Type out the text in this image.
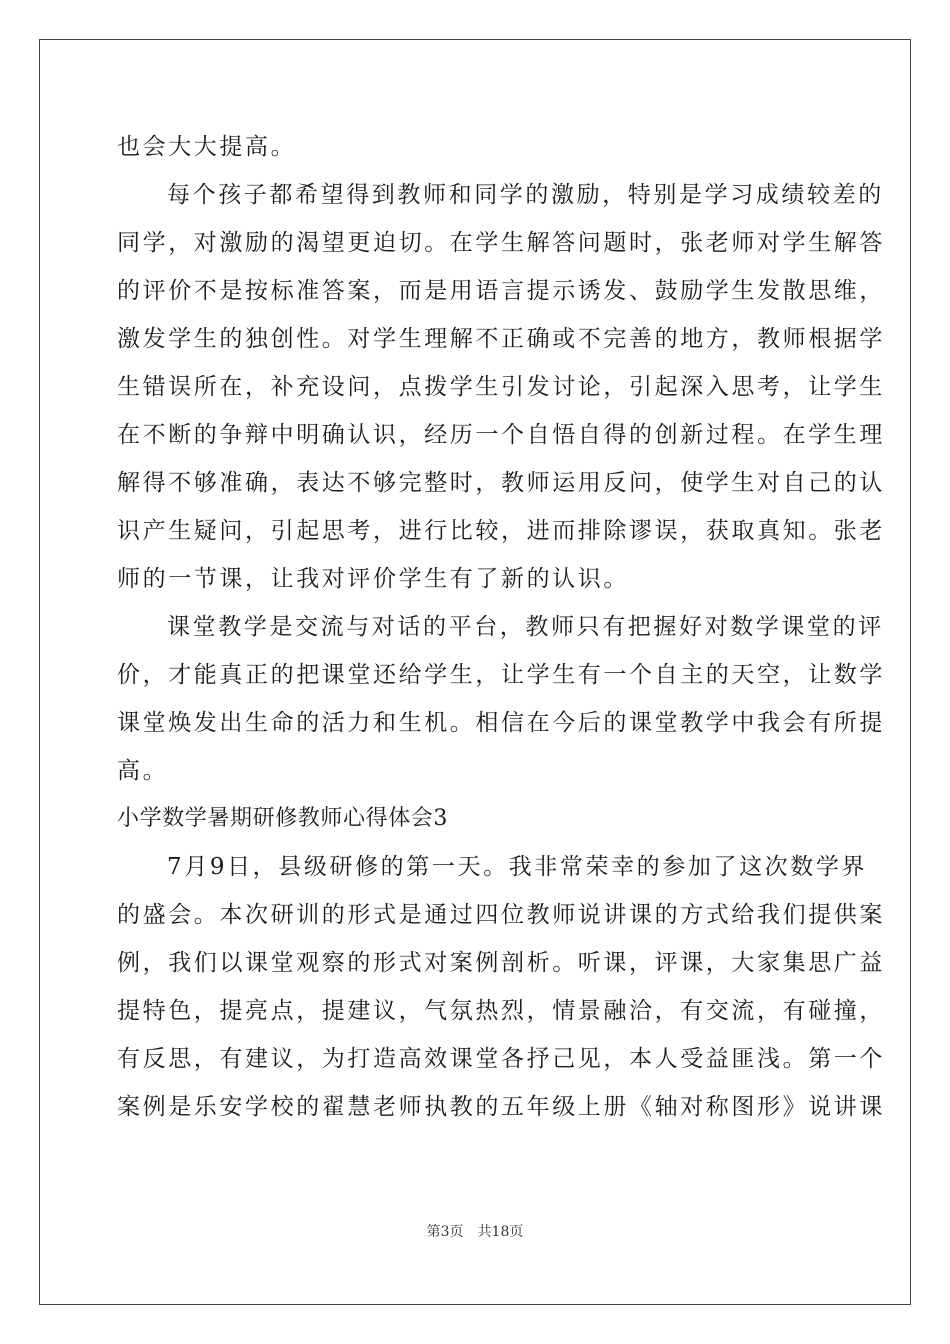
也会大大提高。
每个孩子都希望得到教师和同学的激励，特别是学习成绩较差的
同学，对激励的渴望更迫切。在学生解答问题时，张老师对学生解答
的评价不是按标准答案，而是用语言提示诱发、鼓励学生发散思维，
激发学生的独创性。对学生理解不正确或不完善的地方，教师根据学
生错误所在，补充设问，点拨学生引发讨论，引起深入思考，让学生
在不断的争辩中明确认识，经历一个自悟自得的创新过程。在学生理
解得不够准确，表达不够完整时，教师运用反问，使学生对自己的认
识产生疑问，引起思考，进行比较，进而排除谬误，获取真知。张老
师的一节课，让我对评价学生有了新的认识。
课堂教学是交流与对话的平台，教师只有把握好对数学课堂的评
价，才能真正的把课堂还给学生，让学生有一个自主的天空，让数学
课堂焕发出生命的活力和生机。相信在今后的课堂教学中我会有所提
高。
小学数学暑期研修教师心得体会3
7月9日，县级研修的第一天。我非常荣幸的参加了这次数学界
的盛会。本次研训的形式是通过四位教师说讲课的方式给我们提供案
例，我们以课堂观察的形式对案例剖析。听课，评课，大家集思广益
提特色，提亮点，提建议，气氛热烈，情景融洽，有交流，有碰撞，
有反思，有建议，为打造高效课堂各抒己见，本人受益匪浅。第一个
案例是乐安学校的翟慧老师执教的五年级上册《轴对称图形》说讲课
第3页　共18页
